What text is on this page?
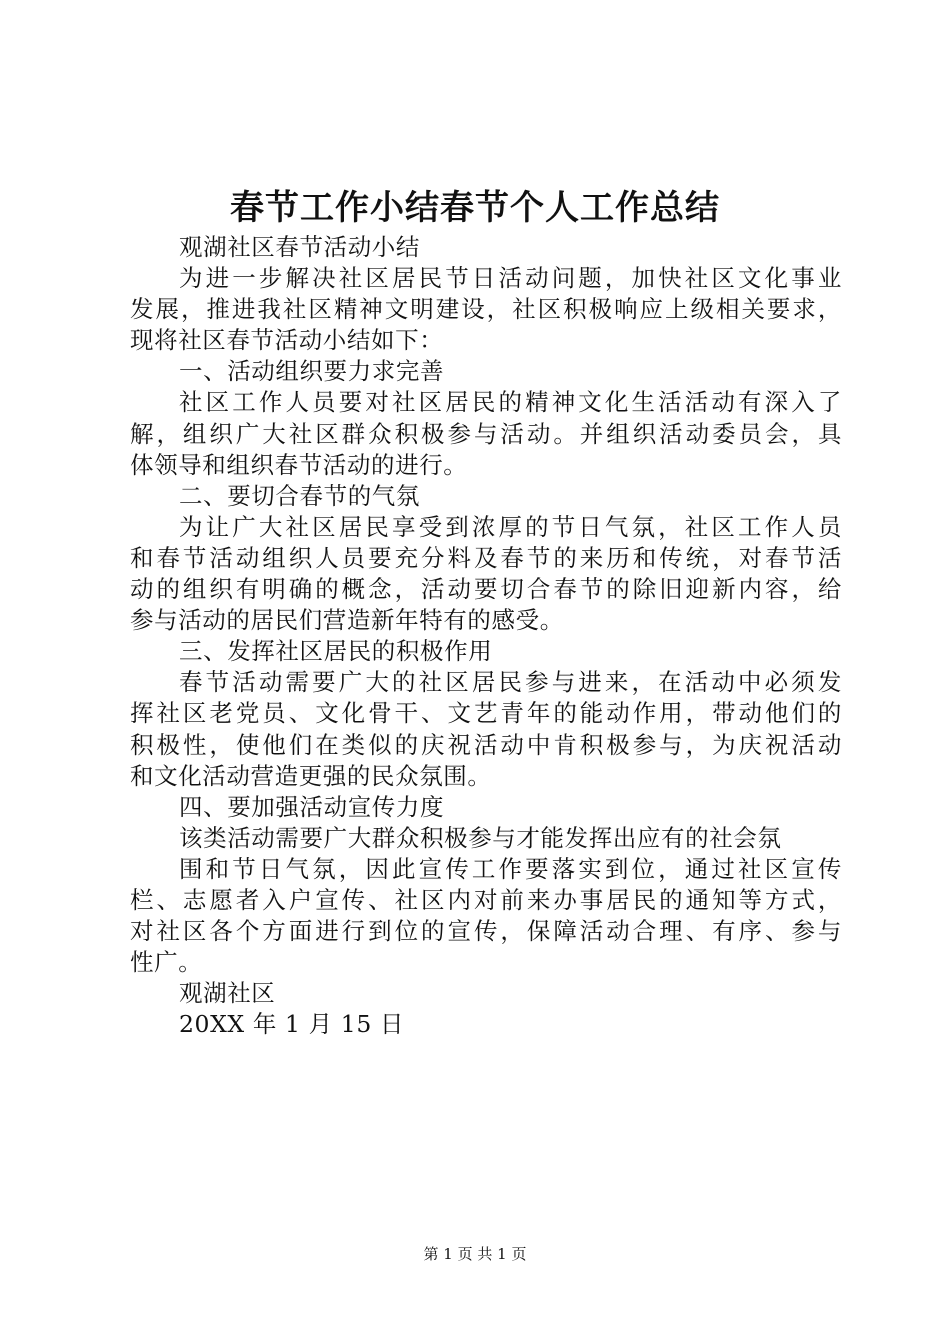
春节工作小结春节个人工作总结
观湖社区春节活动小结
为进一步解决社区居民节日活动问题，加快社区文化事业
发展，推进我社区精神文明建设，社区积极响应上级相关要求，
现将社区春节活动小结如下：
一、活动组织要力求完善
社区工作人员要对社区居民的精神文化生活活动有深入了
解，组织广大社区群众积极参与活动。并组织活动委员会，具
体领导和组织春节活动的进行。
二、要切合春节的气氛
为让广大社区居民享受到浓厚的节日气氛，社区工作人员
和春节活动组织人员要充分料及春节的来历和传统，对春节活
动的组织有明确的概念，活动要切合春节的除旧迎新内容，给
参与活动的居民们营造新年特有的感受。
三、发挥社区居民的积极作用
春节活动需要广大的社区居民参与进来，在活动中必须发
挥社区老党员、文化骨干、文艺青年的能动作用，带动他们的
积极性，使他们在类似的庆祝活动中肯积极参与，为庆祝活动
和文化活动营造更强的民众氛围。
四、要加强活动宣传力度
该类活动需要广大群众积极参与才能发挥出应有的社会氛
围和节日气氛，因此宣传工作要落实到位，通过社区宣传
栏、志愿者入户宣传、社区内对前来办事居民的通知等方式，
对社区各个方面进行到位的宣传，保障活动合理、有序、参与
性广。
观湖社区
20XX 年 1 月 15 日
第 1 页 共 1 页
